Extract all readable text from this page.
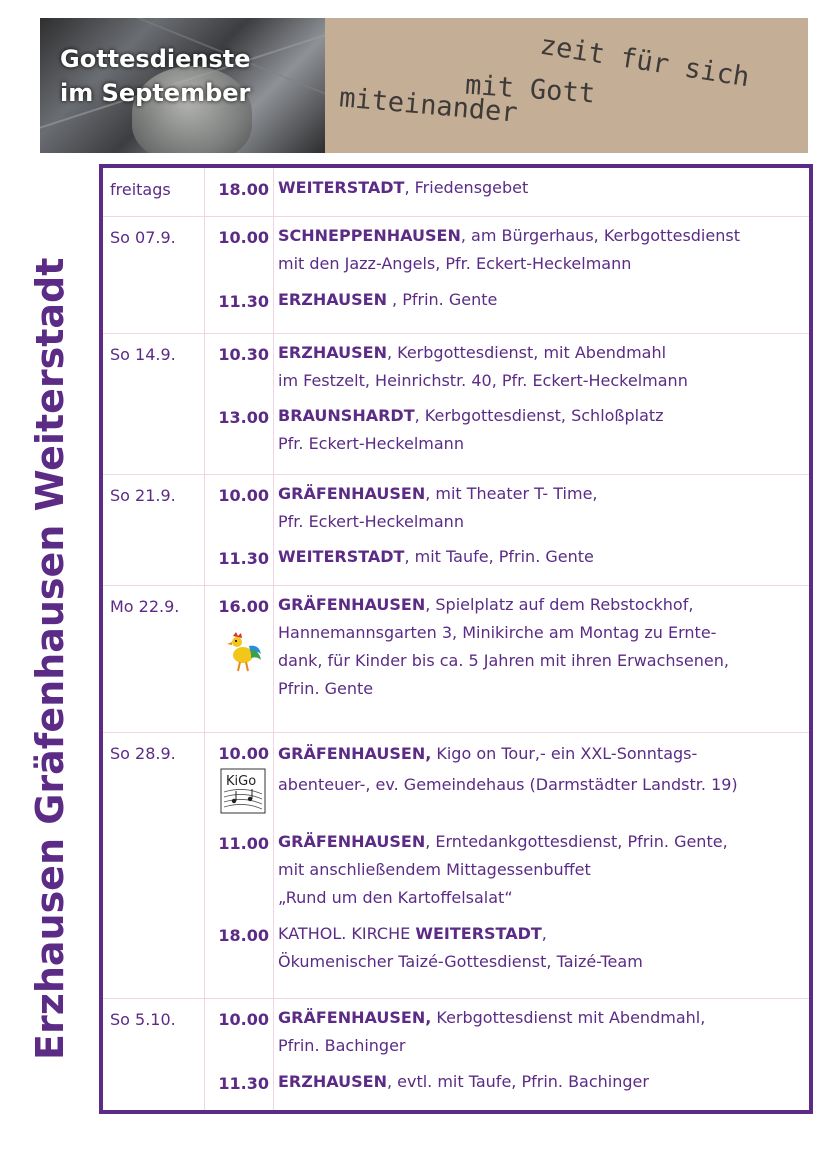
Gottesdienste
im September	zeit für sich
mit Gott
miteinander
Erzhausen Gräfenhausen Weiterstadt
freitags	18.00 WEITERSTADT, Friedensgebet
So 07.9.	10.00 SCHNEPPENHAUSEN, am Bürgerhaus, Kerbgottesdienst
mit den Jazz-Angels, Pfr. Eckert-Heckelmann
11.30 ERZHAUSEN , Pfrin. Gente
So 14.9.	10.30 ERZHAUSEN, Kerbgottesdienst, mit Abendmahl
im Festzelt, Heinrichstr. 40, Pfr. Eckert-Heckelmann
13.00 BRAUNSHARDT, Kerbgottesdienst, Schloßplatz
Pfr. Eckert-Heckelmann
So 21.9.	10.00 GRÄFENHAUSEN, mit Theater T- Time,
Pfr. Eckert-Heckelmann
11.30 WEITERSTADT, mit Taufe, Pfrin. Gente
Mo 22.9.	16.00 GRÄFENHAUSEN, Spielplatz auf dem Rebstockhof,
Hannemannsgarten 3, Minikirche am Montag zu Ernte-
dank, für Kinder bis ca. 5 Jahren mit ihren Erwachsenen,
Pfrin. Gente
So 28.9.	10.00 GRÄFENHAUSEN, Kigo on Tour,- ein XXL-Sonntags-
abenteuer-, ev. Gemeindehaus (Darmstädter Landstr. 19)
KiGo
11.00 GRÄFENHAUSEN, Erntedankgottesdienst, Pfrin. Gente,
mit anschließendem Mittagessenbuffet
„Rund um den Kartoffelsalat“
18.00 KATHOL. KIRCHE WEITERSTADT,
Ökumenischer Taizé-Gottesdienst, Taizé-Team
So 5.10.	10.00 GRÄFENHAUSEN, Kerbgottesdienst mit Abendmahl,
Pfrin. Bachinger
11.30 ERZHAUSEN, evtl. mit Taufe, Pfrin. Bachinger
